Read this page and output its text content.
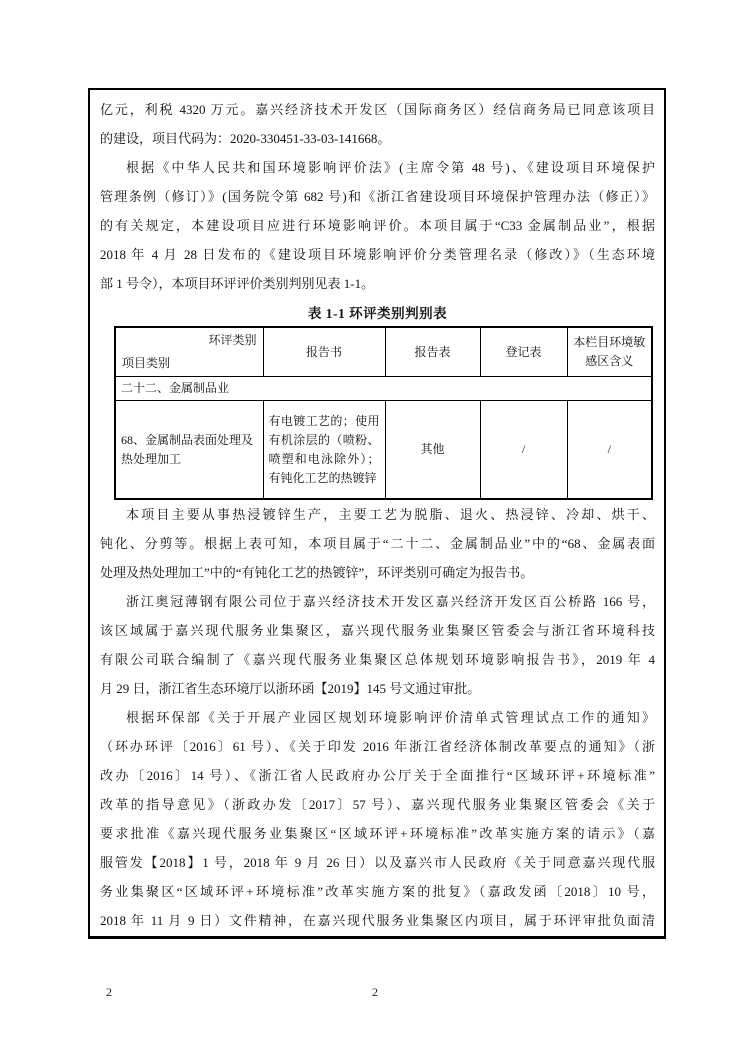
亿元，利税 4320 万元。嘉兴经济技术开发区（国际商务区）经信商务局已同意该项目
的建设，项目代码为：2020-330451-33-03-141668。
根据《中华人民共和国环境影响评价法》(主席令第 48 号)、《建设项目环境保护
管理条例（修订）》(国务院令第 682 号)和《浙江省建设项目环境保护管理办法（修正）》
的有关规定，本建设项目应进行环境影响评价。本项目属于“C33 金属制品业”，根据
2018 年 4 月 28 日发布的《建设项目环境影响评价分类管理名录（修改）》（生态环境
部 1 号令），本项目环评评价类别判别见表 1-1。
表 1-1 环评类别判别表
环评类别
项目类别	报告书	报告表	登记表	本栏目环境敏感区含义
二十二、金属制品业				
68、金属制品表面处理及热处理加工	有电镀工艺的；使用有机涂层的（喷粉、喷塑和电泳除外）；有钝化工艺的热镀锌	其他	/	/
本项目主要从事热浸镀锌生产，主要工艺为脱脂、退火、热浸锌、冷却、烘干、
钝化、分剪等。根据上表可知，本项目属于“二十二、金属制品业”中的“68、金属表面
处理及热处理加工”中的“有钝化工艺的热镀锌”，环评类别可确定为报告书。
浙江奥冠薄钢有限公司位于嘉兴经济技术开发区嘉兴经济开发区百公桥路 166 号，
该区域属于嘉兴现代服务业集聚区，嘉兴现代服务业集聚区管委会与浙江省环境科技
有限公司联合编制了《嘉兴现代服务业集聚区总体规划环境影响报告书》，2019 年 4
月 29 日，浙江省生态环境厅以浙环函【2019】145 号文通过审批。
根据环保部《关于开展产业园区规划环境影响评价清单式管理试点工作的通知》
（环办环评〔2016〕61 号）、《关于印发 2016 年浙江省经济体制改革要点的通知》（浙
改办〔2016〕14 号）、《浙江省人民政府办公厅关于全面推行“区域环评+环境标准”
改革的指导意见》（浙政办发〔2017〕57 号）、嘉兴现代服务业集聚区管委会《关于
要求批准《嘉兴现代服务业集聚区“区域环评+环境标准”改革实施方案的请示》（嘉
服管发【2018】1 号，2018 年 9 月 26 日）以及嘉兴市人民政府《关于同意嘉兴现代服
务业集聚区“区域环评+环境标准”改革实施方案的批复》（嘉政发函〔2018〕10 号，
2018 年 11 月 9 日）文件精神，在嘉兴现代服务业集聚区内项目，属于环评审批负面清
2	2
